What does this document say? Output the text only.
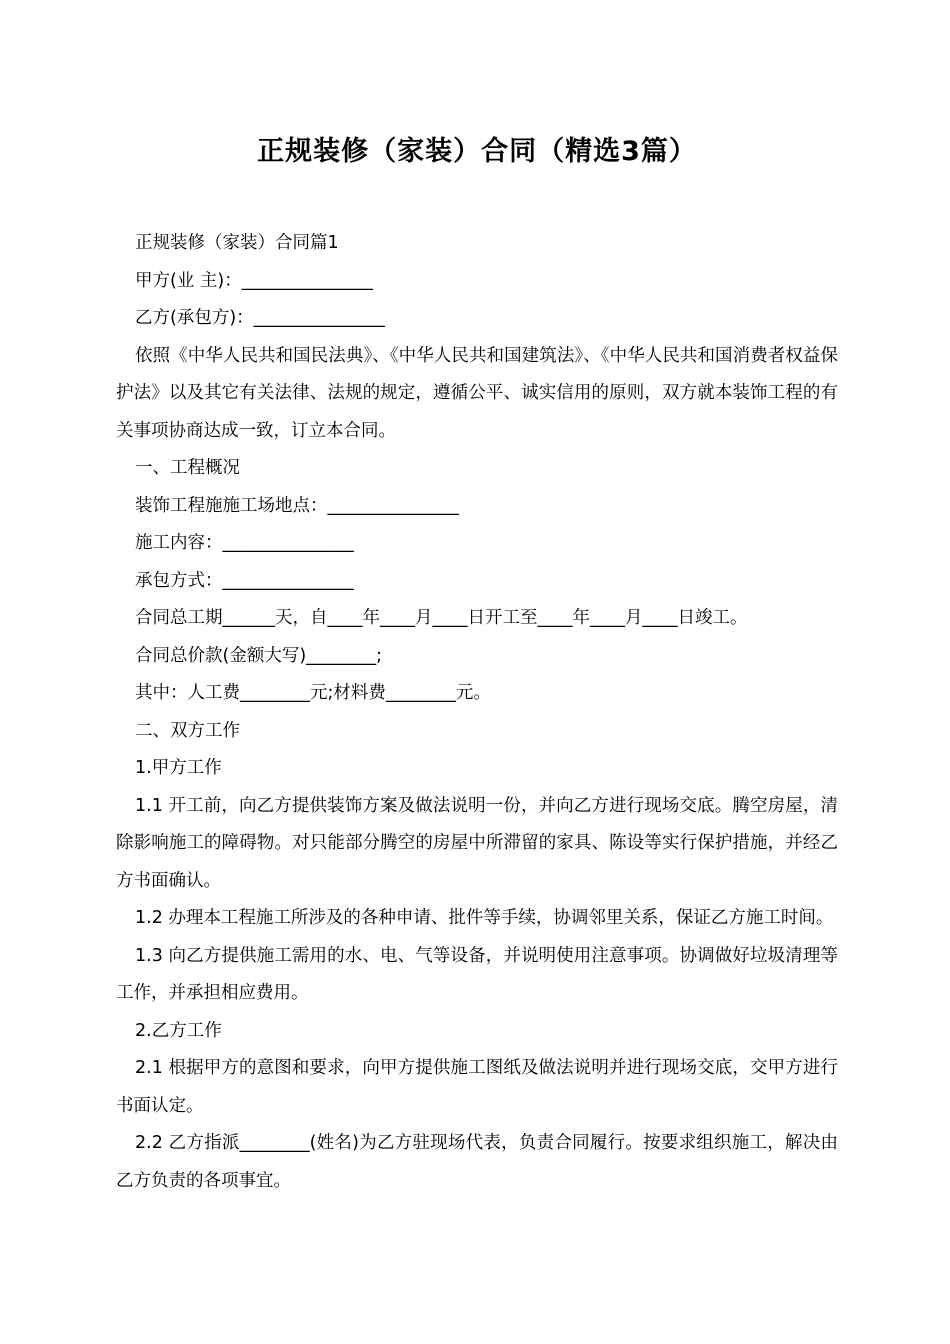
正规装修（家装）合同（精选3篇）

正规装修（家装）合同篇1

甲方(业 主)：_______________

乙方(承包方)：_______________

依照《中华人民共和国民法典》、《中华人民共和国建筑法》、《中华人民共和国消费者权益保护法》以及其它有关法律、法规的规定，遵循公平、诚实信用的原则，双方就本装饰工程的有关事项协商达成一致，订立本合同。

一、工程概况

装饰工程施施工场地点：_______________

施工内容：_______________

承包方式：_______________

合同总工期______天，自____年____月____日开工至____年____月____日竣工。

合同总价款(金额大写)________;

其中：人工费________元;材料费________元。

二、双方工作

1.甲方工作

1.1 开工前，向乙方提供装饰方案及做法说明一份，并向乙方进行现场交底。腾空房屋，清除影响施工的障碍物。对只能部分腾空的房屋中所滞留的家具、陈设等实行保护措施，并经乙方书面确认。

1.2 办理本工程施工所涉及的各种申请、批件等手续，协调邻里关系，保证乙方施工时间。

1.3 向乙方提供施工需用的水、电、气等设备，并说明使用注意事项。协调做好垃圾清理等工作，并承担相应费用。

2.乙方工作

2.1 根据甲方的意图和要求，向甲方提供施工图纸及做法说明并进行现场交底，交甲方进行书面认定。

2.2 乙方指派________(姓名)为乙方驻现场代表，负责合同履行。按要求组织施工，解决由乙方负责的各项事宜。
